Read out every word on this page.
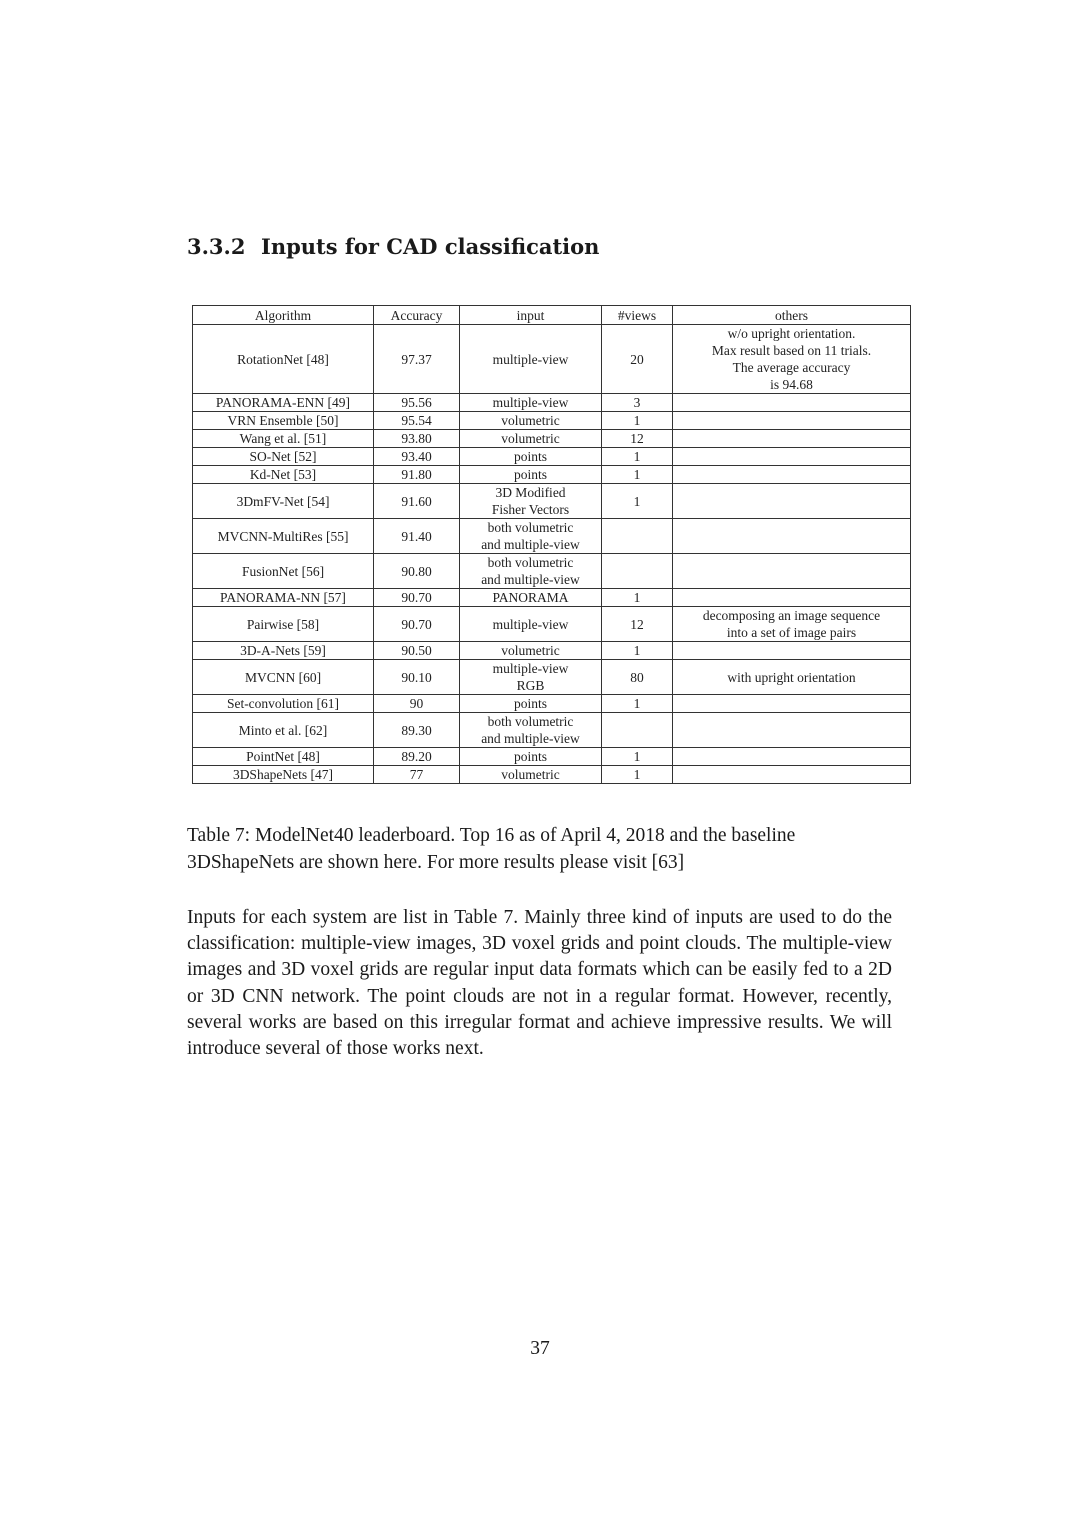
3.3.2 Inputs for CAD classification
Algorithm	Accuracy	input	#views	others
RotationNet [48]	97.37	multiple-view	20	w/o upright orientation.
Max result based on 11 trials.
The average accuracy
is 94.68
PANORAMA-ENN [49]	95.56	multiple-view	3	
VRN Ensemble [50]	95.54	volumetric	1	
Wang et al. [51]	93.80	volumetric	12	
SO-Net [52]	93.40	points	1	
Kd-Net [53]	91.80	points	1	
3DmFV-Net [54]	91.60	3D Modified
Fisher Vectors	1	
MVCNN-MultiRes [55]	91.40	both volumetric
and multiple-view		
FusionNet [56]	90.80	both volumetric
and multiple-view		
PANORAMA-NN [57]	90.70	PANORAMA	1	
Pairwise [58]	90.70	multiple-view	12	decomposing an image sequence
into a set of image pairs
3D-A-Nets [59]	90.50	volumetric	1	
MVCNN [60]	90.10	multiple-view
RGB	80	with upright orientation
Set-convolution [61]	90	points	1	
Minto et al. [62]	89.30	both volumetric
and multiple-view		
PointNet [48]	89.20	points	1	
3DShapeNets [47]	77	volumetric	1	
Table 7: ModelNet40 leaderboard. Top 16 as of April 4, 2018 and the baseline 3DShapeNets are shown here. For more results please visit [63]
Inputs for each system are list in Table 7. Mainly three kind of inputs are used to do the classification: multiple-view images, 3D voxel grids and point clouds. The multiple-view images and 3D voxel grids are regular input data formats which can be easily fed to a 2D or 3D CNN network. The point clouds are not in a regular format. However, recently, several works are based on this irregular format and achieve impressive results. We will introduce several of those works next.
37
